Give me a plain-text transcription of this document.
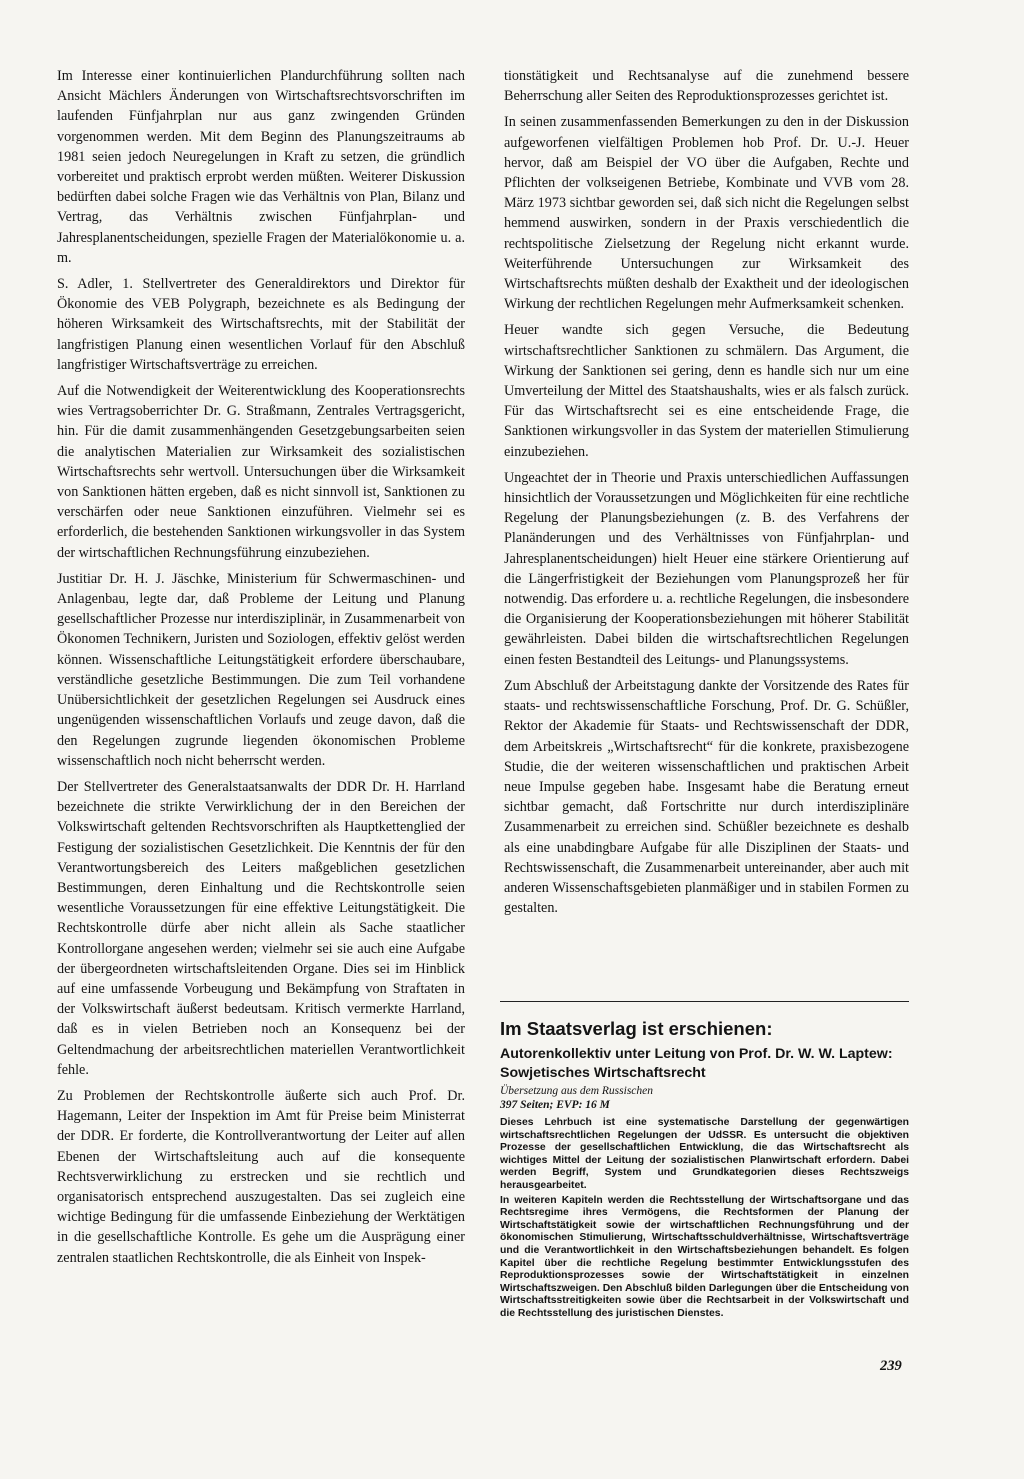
Im Interesse einer kontinuierlichen Plandurchführung sollten nach Ansicht Mächlers Änderungen von Wirtschaftsrechtsvorschriften im laufenden Fünfjahrplan nur aus ganz zwingenden Gründen vorgenommen werden. Mit dem Beginn des Planungszeitraums ab 1981 seien jedoch Neuregelungen in Kraft zu setzen, die gründlich vorbereitet und praktisch erprobt werden müßten. Weiterer Diskussion bedürften dabei solche Fragen wie das Verhältnis von Plan, Bilanz und Vertrag, das Verhältnis zwischen Fünfjahrplan- und Jahresplanentscheidungen, spezielle Fragen der Materialökonomie u. a. m.

S. Adler, 1. Stellvertreter des Generaldirektors und Direktor für Ökonomie des VEB Polygraph, bezeichnete es als Bedingung der höheren Wirksamkeit des Wirtschaftsrechts, mit der Stabilität der langfristigen Planung einen wesentlichen Vorlauf für den Abschluß langfristiger Wirtschaftsverträge zu erreichen.

Auf die Notwendigkeit der Weiterentwicklung des Kooperationsrechts wies Vertragsoberrichter Dr. G. Straßmann, Zentrales Vertragsgericht, hin. Für die damit zusammenhängenden Gesetzgebungsarbeiten seien die analytischen Materialien zur Wirksamkeit des sozialistischen Wirtschaftsrechts sehr wertvoll. Untersuchungen über die Wirksamkeit von Sanktionen hätten ergeben, daß es nicht sinnvoll ist, Sanktionen zu verschärfen oder neue Sanktionen einzuführen. Vielmehr sei es erforderlich, die bestehenden Sanktionen wirkungsvoller in das System der wirtschaftlichen Rechnungsführung einzubeziehen.

Justitiar Dr. H. J. Jäschke, Ministerium für Schwermaschinen- und Anlagenbau, legte dar, daß Probleme der Leitung und Planung gesellschaftlicher Prozesse nur interdisziplinär, in Zusammenarbeit von Ökonomen Technikern, Juristen und Soziologen, effektiv gelöst werden können. Wissenschaftliche Leitungstätigkeit erfordere überschaubare, verständliche gesetzliche Bestimmungen. Die zum Teil vorhandene Unübersichtlichkeit der gesetzlichen Regelungen sei Ausdruck eines ungenügenden wissenschaftlichen Vorlaufs und zeuge davon, daß die den Regelungen zugrunde liegenden ökonomischen Probleme wissenschaftlich noch nicht beherrscht werden.

Der Stellvertreter des Generalstaatsanwalts der DDR Dr. H. Harrland bezeichnete die strikte Verwirklichung der in den Bereichen der Volkswirtschaft geltenden Rechtsvorschriften als Hauptkettenglied der Festigung der sozialistischen Gesetzlichkeit. Die Kenntnis der für den Verantwortungsbereich des Leiters maßgeblichen gesetzlichen Bestimmungen, deren Einhaltung und die Rechtskontrolle seien wesentliche Voraussetzungen für eine effektive Leitungstätigkeit. Die Rechtskontrolle dürfe aber nicht allein als Sache staatlicher Kontrollorgane angesehen werden; vielmehr sei sie auch eine Aufgabe der übergeordneten wirtschaftsleitenden Organe. Dies sei im Hinblick auf eine umfassende Vorbeugung und Bekämpfung von Straftaten in der Volkswirtschaft äußerst bedeutsam. Kritisch vermerkte Harrland, daß es in vielen Betrieben noch an Konsequenz bei der Geltendmachung der arbeitsrechtlichen materiellen Verantwortlichkeit fehle.

Zu Problemen der Rechtskontrolle äußerte sich auch Prof. Dr. Hagemann, Leiter der Inspektion im Amt für Preise beim Ministerrat der DDR. Er forderte, die Kontrollverantwortung der Leiter auf allen Ebenen der Wirtschaftsleitung auch auf die konsequente Rechtsverwirklichung zu erstrecken und sie rechtlich und organisatorisch entsprechend auszugestalten. Das sei zugleich eine wichtige Bedingung für die umfassende Einbeziehung der Werktätigen in die gesellschaftliche Kontrolle. Es gehe um die Ausprägung einer zentralen staatlichen Rechtskontrolle, die als Einheit von Inspek-

tionstätigkeit und Rechtsanalyse auf die zunehmend bessere Beherrschung aller Seiten des Reproduktionsprozesses gerichtet ist.

In seinen zusammenfassenden Bemerkungen zu den in der Diskussion aufgeworfenen vielfältigen Problemen hob Prof. Dr. U.-J. Heuer hervor, daß am Beispiel der VO über die Aufgaben, Rechte und Pflichten der volkseigenen Betriebe, Kombinate und VVB vom 28. März 1973 sichtbar geworden sei, daß sich nicht die Regelungen selbst hemmend auswirken, sondern in der Praxis verschiedentlich die rechtspolitische Zielsetzung der Regelung nicht erkannt wurde. Weiterführende Untersuchungen zur Wirksamkeit des Wirtschaftsrechts müßten deshalb der Exaktheit und der ideologischen Wirkung der rechtlichen Regelungen mehr Aufmerksamkeit schenken.

Heuer wandte sich gegen Versuche, die Bedeutung wirtschaftsrechtlicher Sanktionen zu schmälern. Das Argument, die Wirkung der Sanktionen sei gering, denn es handle sich nur um eine Umverteilung der Mittel des Staatshaushalts, wies er als falsch zurück. Für das Wirtschaftsrecht sei es eine entscheidende Frage, die Sanktionen wirkungsvoller in das System der materiellen Stimulierung einzubeziehen.

Ungeachtet der in Theorie und Praxis unterschiedlichen Auffassungen hinsichtlich der Voraussetzungen und Möglichkeiten für eine rechtliche Regelung der Planungsbeziehungen (z. B. des Verfahrens der Planänderungen und des Verhältnisses von Fünfjahrplan- und Jahresplanentscheidungen) hielt Heuer eine stärkere Orientierung auf die Längerfristigkeit der Beziehungen vom Planungsprozeß her für notwendig. Das erfordere u. a. rechtliche Regelungen, die insbesondere die Organisierung der Kooperationsbeziehungen mit höherer Stabilität gewährleisten. Dabei bilden die wirtschaftsrechtlichen Regelungen einen festen Bestandteil des Leitungs- und Planungssystems.

Zum Abschluß der Arbeitstagung dankte der Vorsitzende des Rates für staats- und rechtswissenschaftliche Forschung, Prof. Dr. G. Schüßler, Rektor der Akademie für Staats- und Rechtswissenschaft der DDR, dem Arbeitskreis „Wirtschaftsrecht“ für die konkrete, praxisbezogene Studie, die der weiteren wissenschaftlichen und praktischen Arbeit neue Impulse gegeben habe. Insgesamt habe die Beratung erneut sichtbar gemacht, daß Fortschritte nur durch interdisziplinäre Zusammenarbeit zu erreichen sind. Schüßler bezeichnete es deshalb als eine unabdingbare Aufgabe für alle Disziplinen der Staats- und Rechtswissenschaft, die Zusammenarbeit untereinander, aber auch mit anderen Wissenschaftsgebieten planmäßiger und in stabilen Formen zu gestalten.

Im Staatsverlag ist erschienen:

Autorenkollektiv unter Leitung von Prof. Dr. W. W. Laptew:

Sowjetisches Wirtschaftsrecht

Übersetzung aus dem Russischen

397 Seiten; EVP: 16 M

Dieses Lehrbuch ist eine systematische Darstellung der gegenwärtigen wirtschaftsrechtlichen Regelungen der UdSSR. Es untersucht die objektiven Prozesse der gesellschaftlichen Entwicklung, die das Wirtschaftsrecht als wichtiges Mittel der Leitung der sozialistischen Planwirtschaft erfordern. Dabei werden Begriff, System und Grundkategorien dieses Rechtszweigs herausgearbeitet.

In weiteren Kapiteln werden die Rechtsstellung der Wirtschaftsorgane und das Rechtsregime ihres Vermögens, die Rechtsformen der Planung der Wirtschaftstätigkeit sowie der wirtschaftlichen Rechnungsführung und der ökonomischen Stimulierung, Wirtschaftsschuldverhältnisse, Wirtschaftsverträge und die Verantwortlichkeit in den Wirtschaftsbeziehungen behandelt. Es folgen Kapitel über die rechtliche Regelung bestimmter Entwicklungsstufen des Reproduktionsprozesses sowie der Wirtschaftstätigkeit in einzelnen Wirtschaftszweigen. Den Abschluß bilden Darlegungen über die Entscheidung von Wirtschaftsstreitigkeiten sowie über die Rechtsarbeit in der Volkswirtschaft und die Rechtsstellung des juristischen Dienstes.

239
